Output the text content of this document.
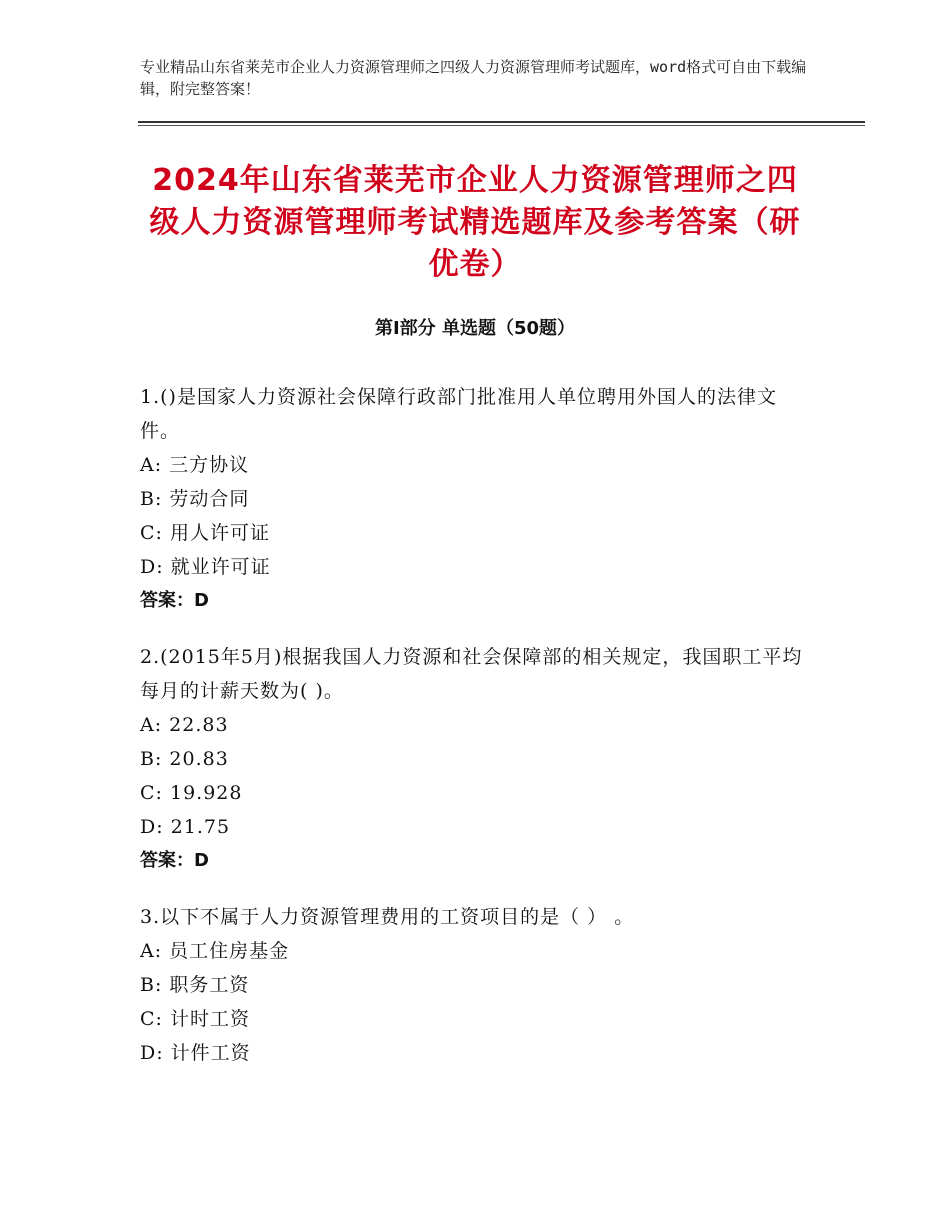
专业精品山东省莱芜市企业人力资源管理师之四级人力资源管理师考试题库，word格式可自由下载编辑，附完整答案！
2024年山东省莱芜市企业人力资源管理师之四级人力资源管理师考试精选题库及参考答案（研优卷）
第Ⅰ部分 单选题（50题）
1.()是国家人力资源社会保障行政部门批准用人单位聘用外国人的法律文件。
A: 三方协议
B: 劳动合同
C: 用人许可证
D: 就业许可证
答案：D
2.(2015年5月)根据我国人力资源和社会保障部的相关规定，我国职工平均每月的计薪天数为( )。
A: 22.83
B: 20.83
C: 19.928
D: 21.75
答案：D
3.以下不属于人力资源管理费用的工资项目的是（ ） 。
A: 员工住房基金
B: 职务工资
C: 计时工资
D: 计件工资
